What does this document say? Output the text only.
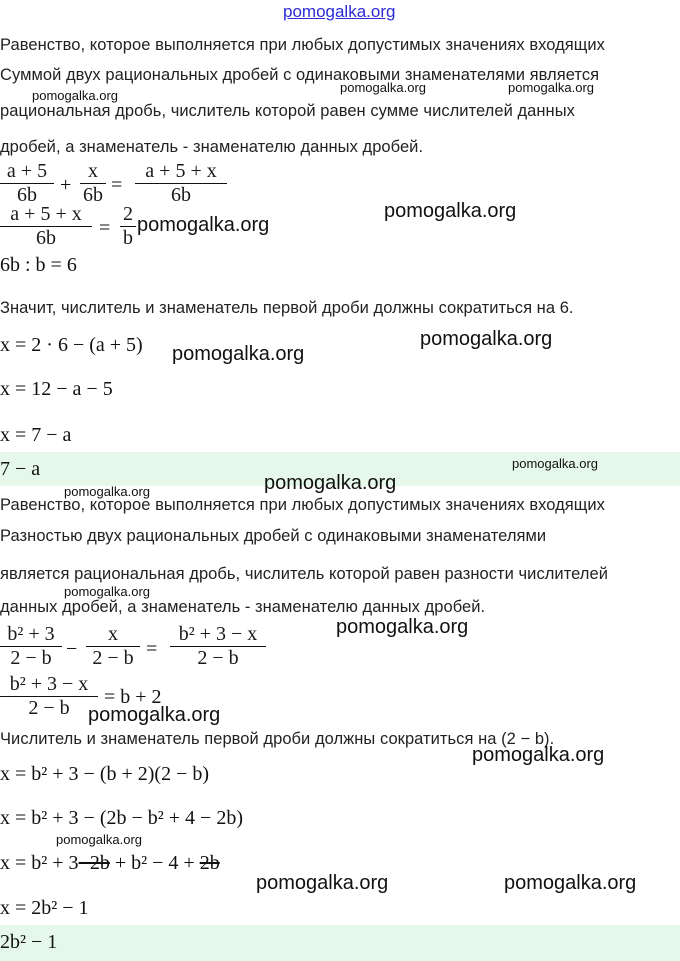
pomogalka.org
Равенство, которое выполняется при любых допустимых значениях входящих
Суммой двух рациональных дробей с одинаковыми знаменателями является
рациональная дробь, числитель которой равен сумме числителей данных
дробей, а знаменатель - знаменателю данных дробей.
a + 5
6b	+
x
6b =
a + 5 + x
6b
a + 5 + x
6b	=
2
b
6b : b = 6
Значит, числитель и знаменатель первой дроби должны сократиться на 6.
x = 2 · 6 − (a + 5)
x = 12 − a − 5
x = 7 − a
7 − a
Равенство, которое выполняется при любых допустимых значениях входящих
Разностью двух рациональных дробей с одинаковыми знаменателями
является рациональная дробь, числитель которой равен разности числителей
данных дробей, а знаменатель - знаменателю данных дробей.
b² + 3
2 − b −
x
2 − b =
b² + 3 − x
2 − b
b² + 3 − x
2 − b	= b + 2
Числитель и знаменатель первой дроби должны сократиться на (2 − b).
x = b² + 3 − (b + 2)(2 − b)
x = b² + 3 − (2b − b² + 4 − 2b)
x = b² + 3−2b + b² − 4 + 2b
x = 2b² − 1
2b² − 1
pomogalka.org
pomogalka.org	pomogalka.org
pomogalka.org
pomogalka.org
pomogalka.org
pomogalka.org
pomogalka.org
pomogalka.org
pomogalka.org
pomogalka.org
pomogalka.org
pomogalka.org
pomogalka.org
pomogalka.org
pomogalka.org	pomogalka.org
